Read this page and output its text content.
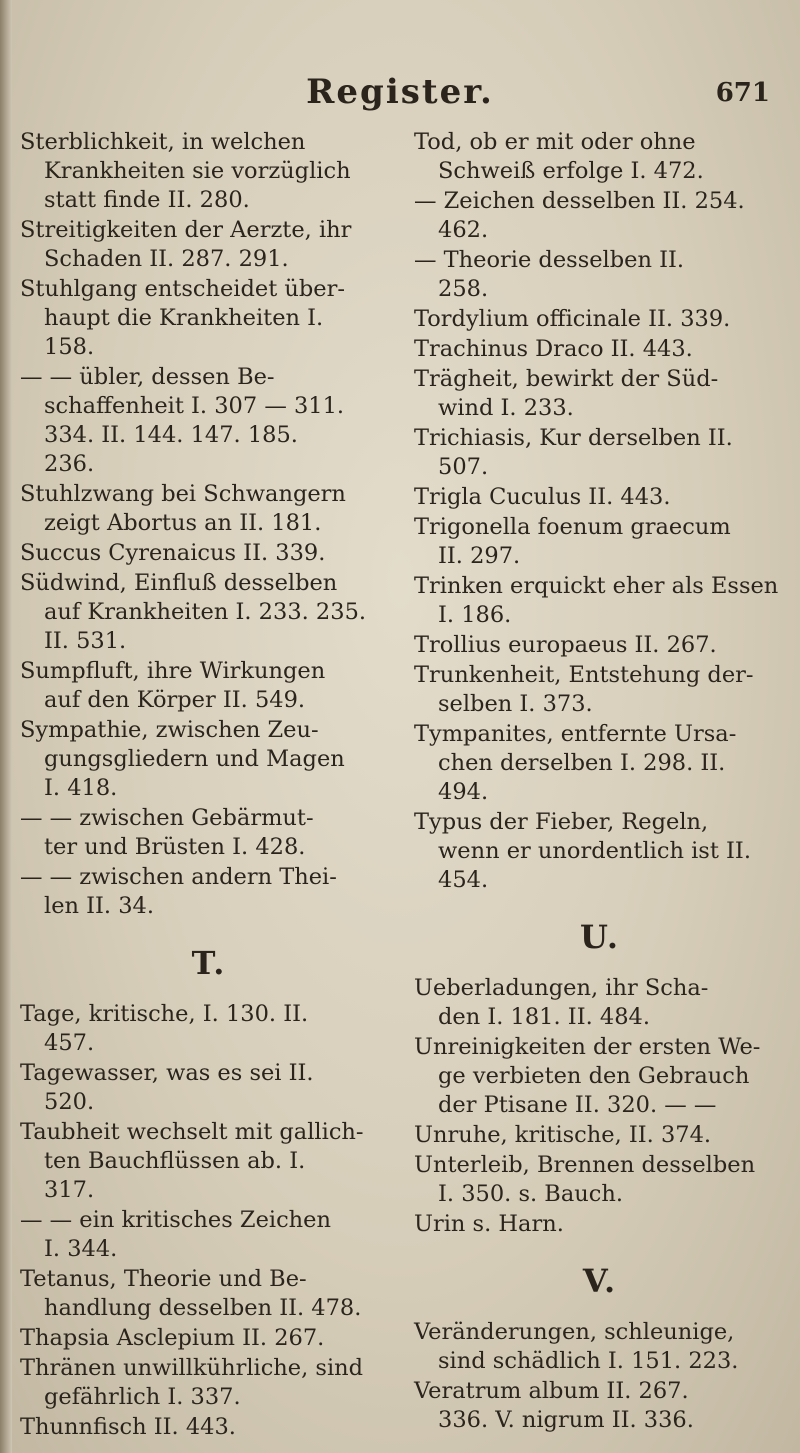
Register.	671
Sterblichkeit, in welchen
Krankheiten sie vorzüglich
statt finde II. 280.
Streitigkeiten der Aerzte, ihr
Schaden II. 287. 291.
Stuhlgang entscheidet über-
haupt die Krankheiten I.
158.
— — übler, dessen Be-
schaffenheit I. 307 — 311.
334. II. 144. 147. 185.
236.
Stuhlzwang bei Schwangern
zeigt Abortus an II. 181.
Succus Cyrenaicus II. 339.
Südwind, Einfluß desselben
auf Krankheiten I. 233. 235.
II. 531.
Sumpfluft, ihre Wirkungen
auf den Körper II. 549.
Sympathie, zwischen Zeu-
gungsgliedern und Magen
I. 418.
— — zwischen Gebärmut-
ter und Brüsten I. 428.
— — zwischen andern Thei-
len II. 34.
T.
Tage, kritische, I. 130. II.
457.
Tagewasser, was es sei II.
520.
Taubheit wechselt mit gallich-
ten Bauchflüssen ab. I.
317.
— — ein kritisches Zeichen
I. 344.
Tetanus, Theorie und Be-
handlung desselben II. 478.
Thapsia Asclepium II. 267.
Thränen unwillkührliche, sind
gefährlich I. 337.
Thunnfisch II. 443.
Tod, ob er mit oder ohne
Schweiß erfolge I. 472.
— Zeichen desselben II. 254.
462.
— Theorie desselben II.
258.
Tordylium officinale II. 339.
Trachinus Draco II. 443.
Trägheit, bewirkt der Süd-
wind I. 233.
Trichiasis, Kur derselben II.
507.
Trigla Cuculus II. 443.
Trigonella foenum graecum
II. 297.
Trinken erquickt eher als Essen
I. 186.
Trollius europaeus II. 267.
Trunkenheit, Entstehung der-
selben I. 373.
Tympanites, entfernte Ursa-
chen derselben I. 298. II.
494.
Typus der Fieber, Regeln,
wenn er unordentlich ist II.
454.
U.
Ueberladungen, ihr Scha-
den I. 181. II. 484.
Unreinigkeiten der ersten We-
ge verbieten den Gebrauch
der Ptisane II. 320. — —
Unruhe, kritische, II. 374.
Unterleib, Brennen desselben
I. 350. s. Bauch.
Urin s. Harn.
V.
Veränderungen, schleunige,
sind schädlich I. 151. 223.
Veratrum album II. 267.
336. V. nigrum II. 336.
